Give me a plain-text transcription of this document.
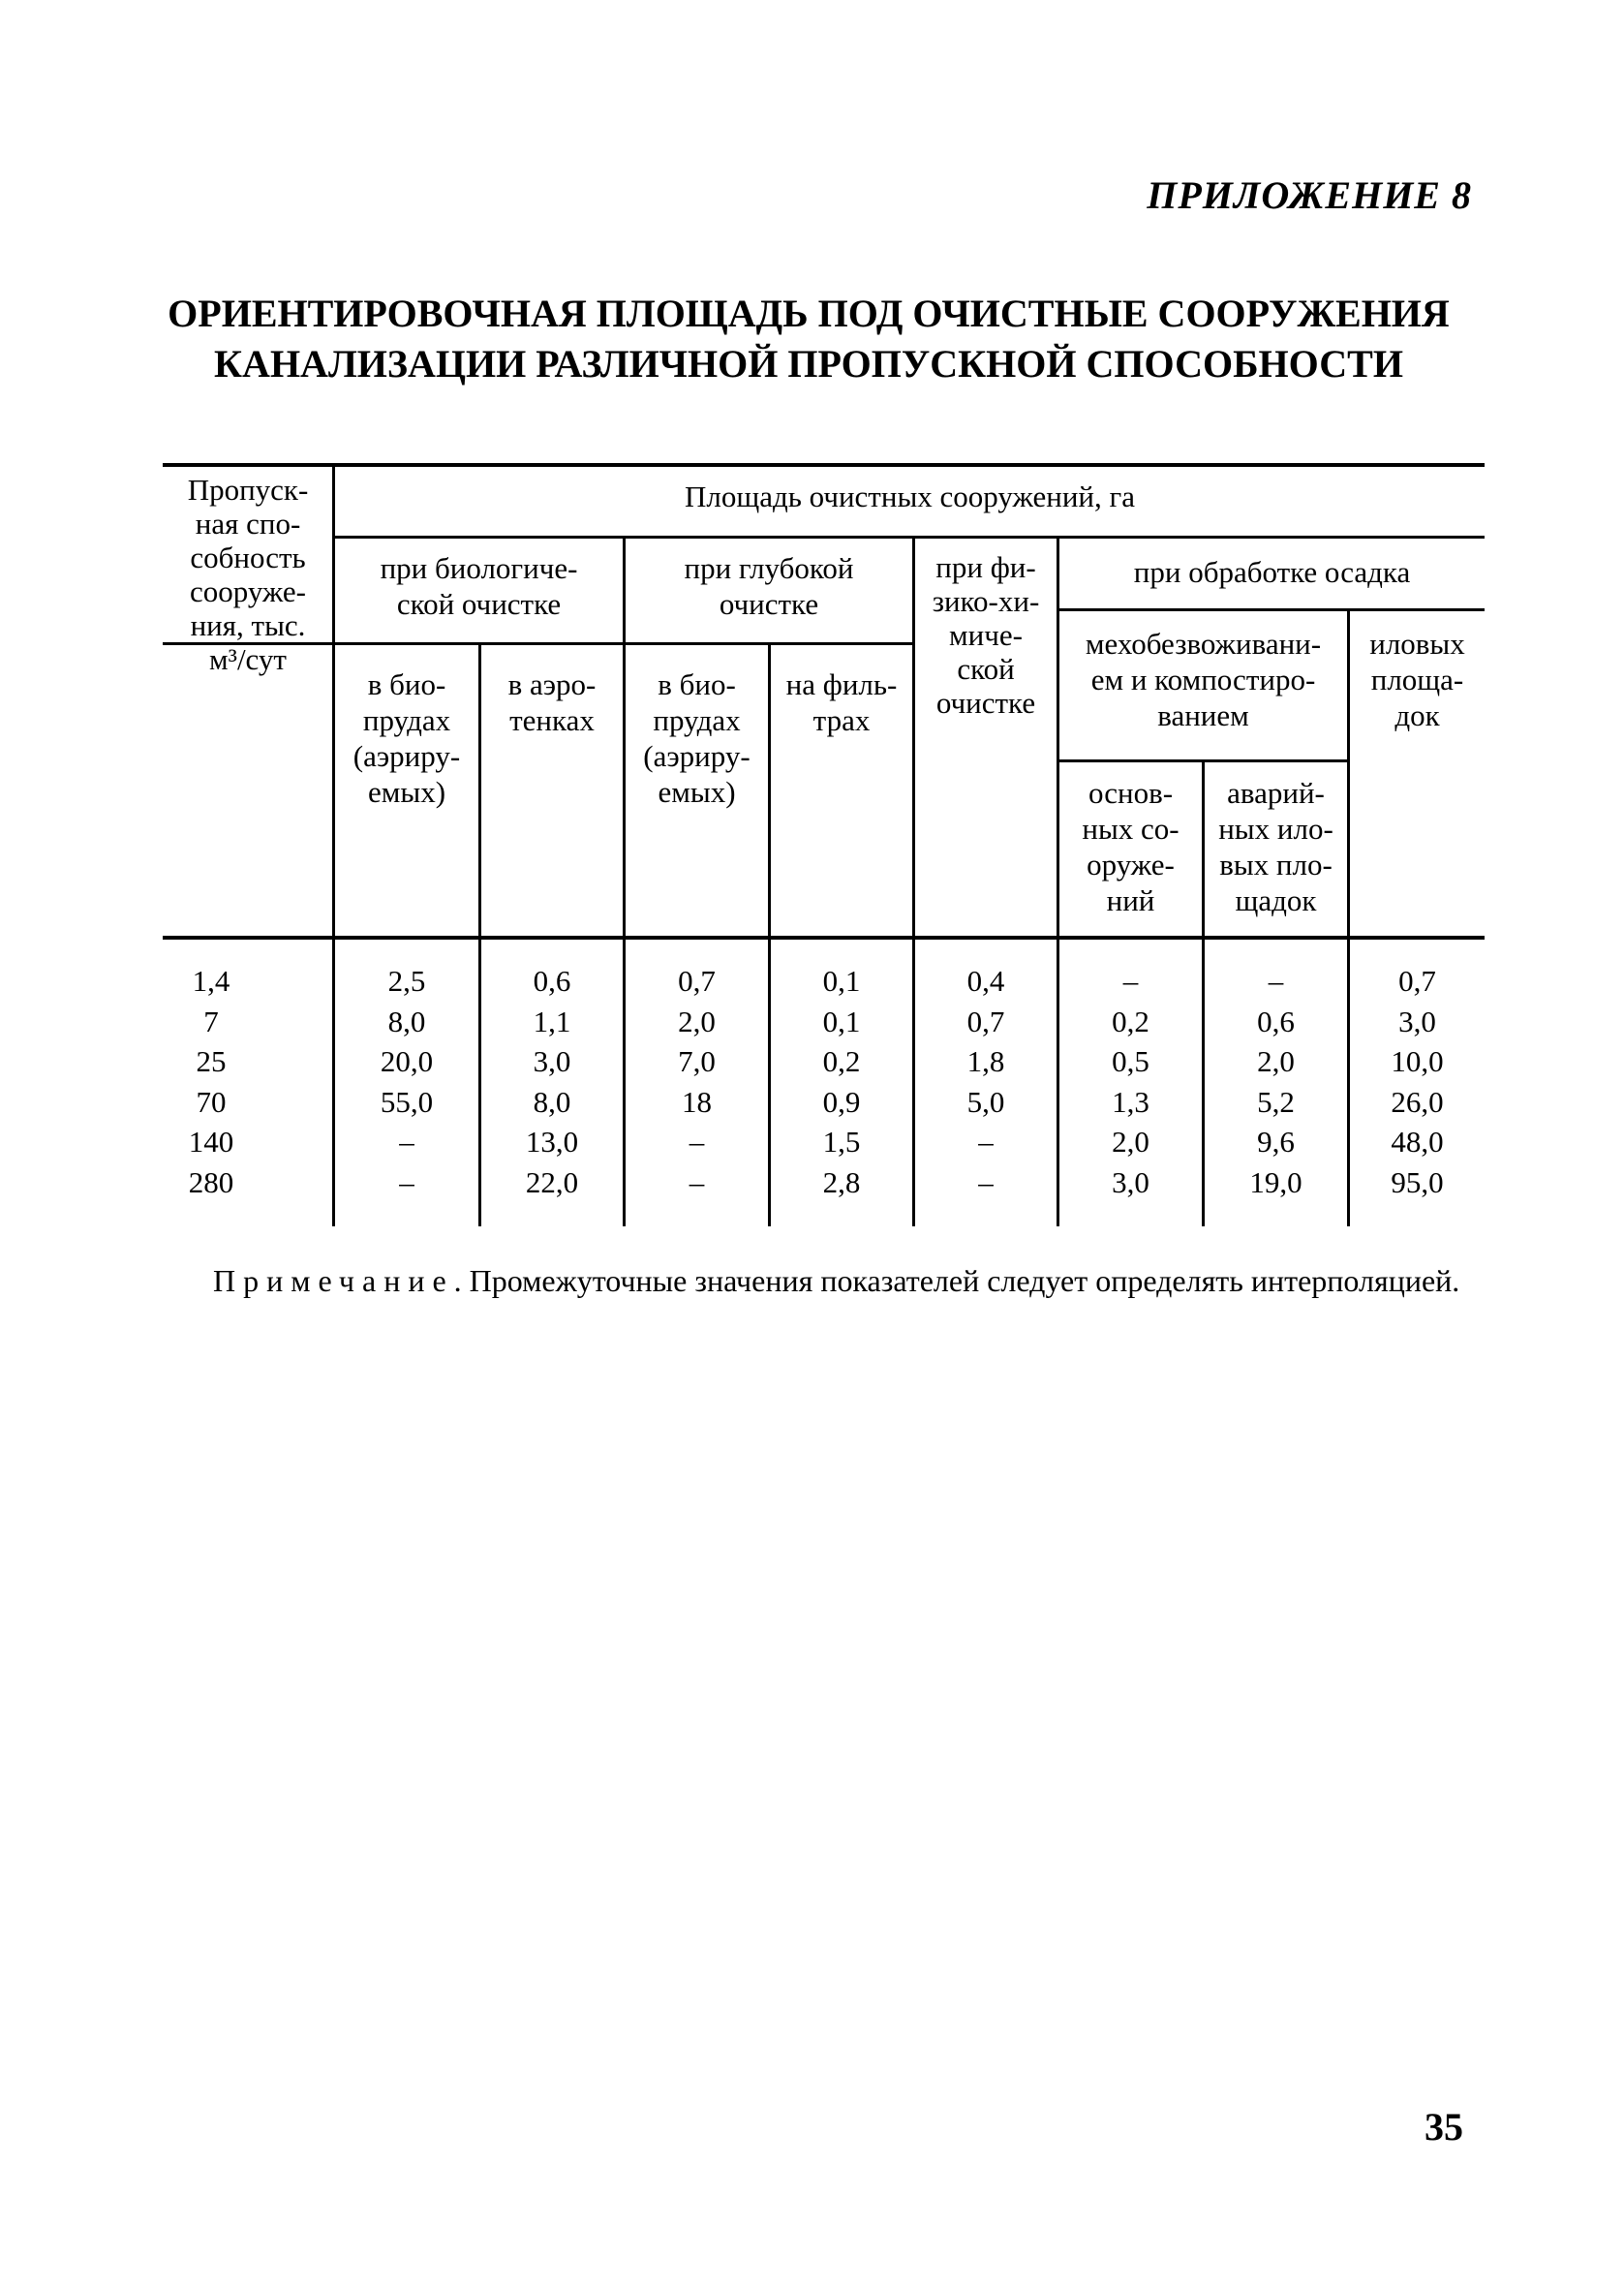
ПРИЛОЖЕНИЕ 8
ОРИЕНТИРОВОЧНАЯ ПЛОЩАДЬ ПОД ОЧИСТНЫЕ СООРУЖЕНИЯ
КАНАЛИЗАЦИИ РАЗЛИЧНОЙ ПРОПУСКНОЙ СПОСОБНОСТИ
Пропуск-
ная спо-
собность
сооруже-
ния, тыс.
м³/сут
Площадь очистных сооружений, га
при биологиче-
ской очистке
при глубокой
очистке
при фи-
зико-хи-
миче-
ской
очистке
при обработке осадка
в био-
прудах
(аэриру-
емых)
в аэро-
тенках
в био-
прудах
(аэриру-
емых)
на филь-
трах
мехобезвоживани-
ем и компостиро-
ванием
иловых
площа-
док
основ-
ных со-
оруже-
ний
аварий-
ных ило-
вых пло-
щадок
1,4	2,5	0,6	0,7	0,1	0,4	–	–	0,7
7	8,0	1,1	2,0	0,1	0,7	0,2	0,6	3,0
25	20,0	3,0	7,0	0,2	1,8	0,5	2,0	10,0
70	55,0	8,0	18	0,9	5,0	1,3	5,2	26,0
140	–	13,0	–	1,5	–	2,0	9,6	48,0
280	–	22,0	–	2,8	–	3,0	19,0	95,0
Примечание. Промежуточные значения показателей следует определять интерполяцией.
35
